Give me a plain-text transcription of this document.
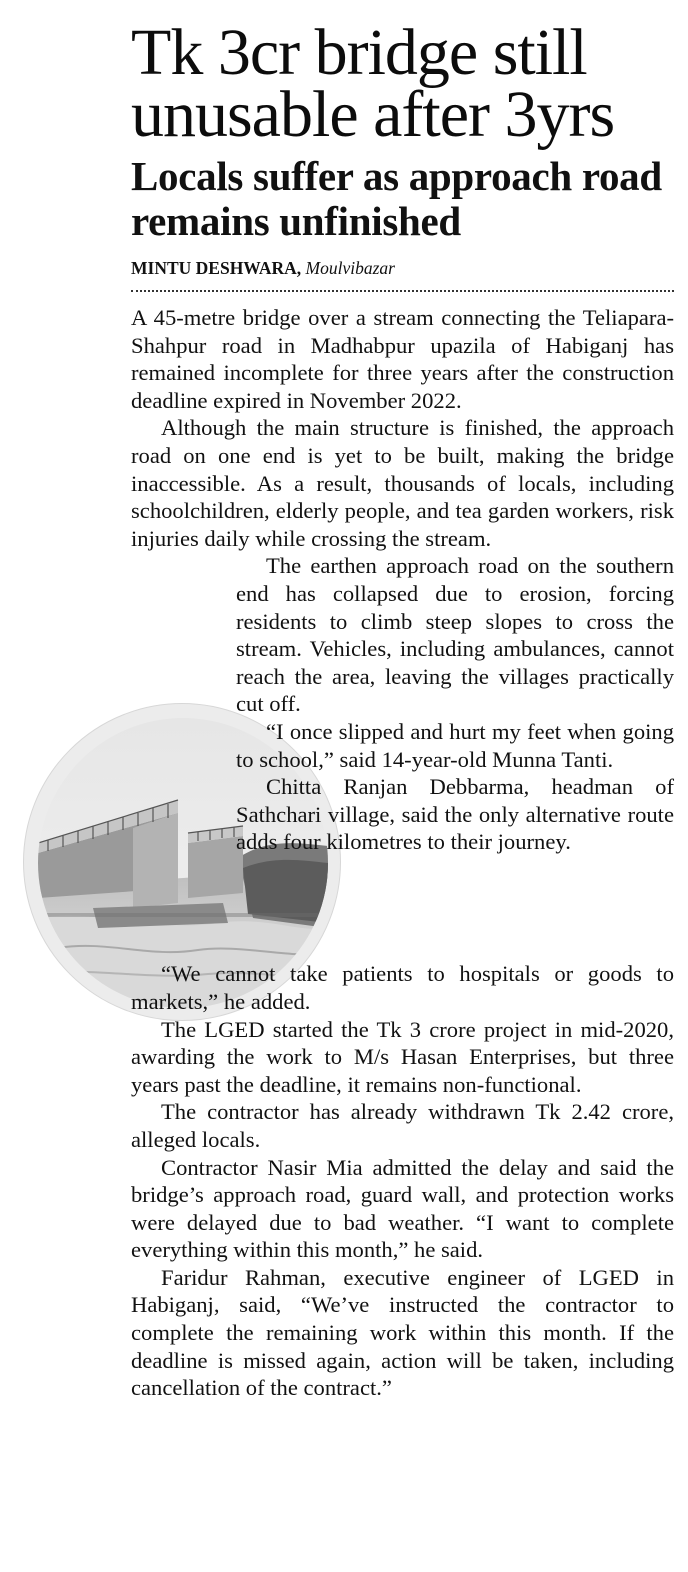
Tk 3cr bridge still unusable after 3yrs
Locals suffer as approach road remains unfinished
MINTU DESHWARA, Moulvibazar

A 45-metre bridge over a stream connecting the Teliapara-Shahpur road in Madhabpur upazila of Habiganj has remained incomplete for three years after the construction deadline expired in November 2022.

Although the main structure is finished, the approach road on one end is yet to be built, making the bridge inaccessible. As a result, thousands of locals, including schoolchildren, elderly people, and tea garden workers, risk injuries daily while crossing the stream.

The earthen approach road on the southern end has collapsed due to erosion, forcing residents to climb steep slopes to cross the stream. Vehicles, including ambulances, cannot reach the area, leaving the villages practically cut off.

“I once slipped and hurt my feet when going to school,” said 14-year-old Munna Tanti.

Chitta Ranjan Debbarma, headman of Sathchari village, said the only alternative route adds four kilometres to their journey.

“We cannot take patients to hospitals or goods to markets,” he added.

The LGED started the Tk 3 crore project in mid-2020, awarding the work to M/s Hasan Enterprises, but three years past the deadline, it remains non-functional.

The contractor has already withdrawn Tk 2.42 crore, alleged locals.

Contractor Nasir Mia admitted the delay and said the bridge’s approach road, guard wall, and protection works were delayed due to bad weather. “I want to complete everything within this month,” he said.

Faridur Rahman, executive engineer of LGED in Habiganj, said, “We’ve instructed the contractor to complete the remaining work within this month. If the deadline is missed again, action will be taken, including cancellation of the contract.”
